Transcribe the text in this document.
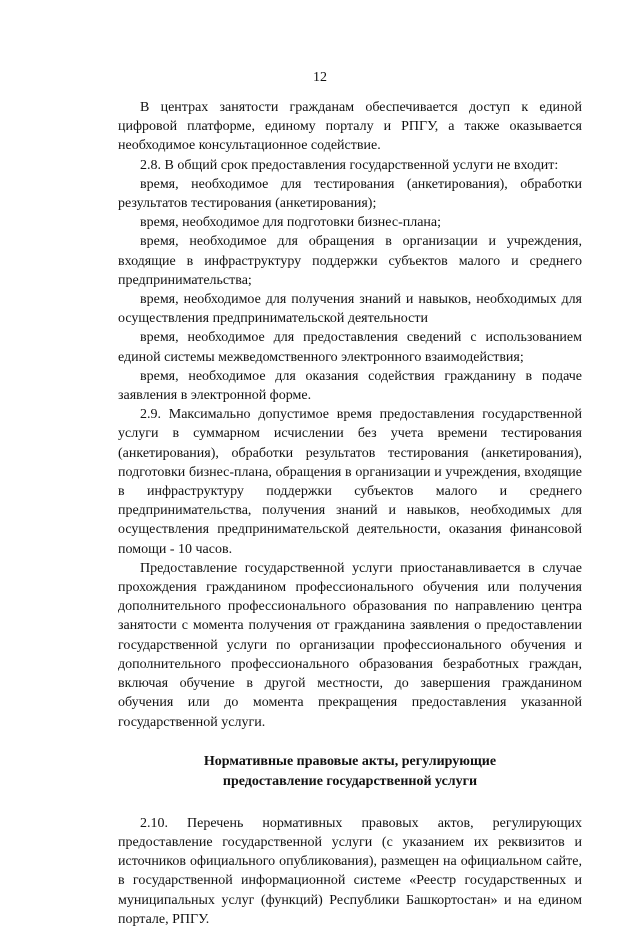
12

В центрах занятости гражданам обеспечивается доступ к единой цифровой платформе, единому порталу и РПГУ, а также оказывается необходимое консультационное содействие.

2.8. В общий срок предоставления государственной услуги не входит:

время, необходимое для тестирования (анкетирования), обработки результатов тестирования (анкетирования);

время, необходимое для подготовки бизнес-плана;

время, необходимое для обращения в организации и учреждения, входящие в инфраструктуру поддержки субъектов малого и среднего предпринимательства;

время, необходимое для получения знаний и навыков, необходимых для осуществления предпринимательской деятельности

время, необходимое для предоставления сведений с использованием единой системы межведомственного электронного взаимодействия;

время, необходимое для оказания содействия гражданину в подаче заявления в электронной форме.

2.9. Максимально допустимое время предоставления государственной услуги в суммарном исчислении без учета времени тестирования (анкетирования), обработки результатов тестирования (анкетирования), подготовки бизнес-плана, обращения в организации и учреждения, входящие в инфраструктуру поддержки субъектов малого и среднего предпринимательства, получения знаний и навыков, необходимых для осуществления предпринимательской деятельности, оказания финансовой помощи - 10 часов.

Предоставление государственной услуги приостанавливается в случае прохождения гражданином профессионального обучения или получения дополнительного профессионального образования по направлению центра занятости с момента получения от гражданина заявления о предоставлении государственной услуги по организации профессионального обучения и дополнительного профессионального образования безработных граждан, включая обучение в другой местности, до завершения гражданином обучения или до момента прекращения предоставления указанной государственной услуги.

Нормативные правовые акты, регулирующие
предоставление государственной услуги

2.10. Перечень нормативных правовых актов, регулирующих предоставление государственной услуги (с указанием их реквизитов и источников официального опубликования), размещен на официальном сайте, в государственной информационной системе «Реестр государственных и муниципальных услуг (функций) Республики Башкортостан» и на едином портале, РПГУ.
